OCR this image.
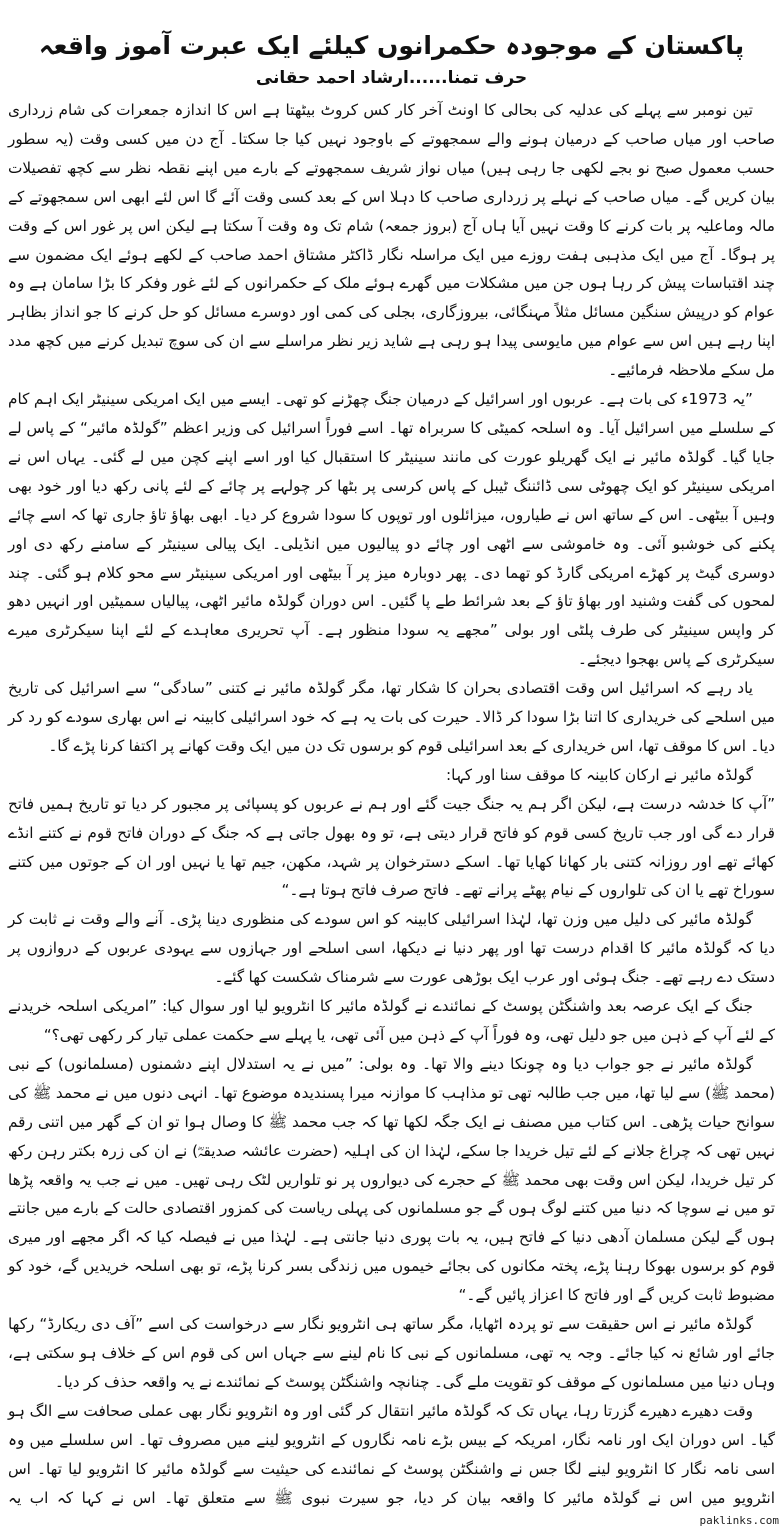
پاکستان کے موجودہ حکمرانوں کیلئے ایک عبرت آموز واقعہ
حرف تمنا......ارشاد احمد حقانی

تین نومبر سے پہلے کی عدلیہ کی بحالی کا اونٹ آخر کار کس کروٹ بیٹھتا ہے اس کا اندازہ جمعرات کی شام زرداری صاحب اور میاں صاحب کے درمیان ہونے والے سمجھوتے کے باوجود نہیں کیا جا سکتا۔ آج دن میں کسی وقت (یہ سطور حسب معمول صبح نو بجے لکھی جا رہی ہیں) میاں نواز شریف سمجھوتے کے بارے میں اپنے نقطہ نظر سے کچھ تفصیلات بیان کریں گے۔ میاں صاحب کے نہلے پر زرداری صاحب کا دہلا اس کے بعد کسی وقت آئے گا اس لئے ابھی اس سمجھوتے کے مالہ وماعلیہ پر بات کرنے کا وقت نہیں آیا ہاں آج (بروز جمعہ) شام تک وہ وقت آ سکتا ہے لیکن اس پر غور اس کے وقت پر ہوگا۔ آج میں ایک مذہبی ہفت روزے میں ایک مراسلہ نگار ڈاکٹر مشتاق احمد صاحب کے لکھے ہوئے ایک مضمون سے چند اقتباسات پیش کر رہا ہوں جن میں مشکلات میں گھرے ہوئے ملک کے حکمرانوں کے لئے غور وفکر کا بڑا سامان ہے وہ عوام کو درپیش سنگین مسائل مثلاً مہنگائی، بیروزگاری، بجلی کی کمی اور دوسرے مسائل کو حل کرنے کا جو انداز بظاہر اپنا رہے ہیں اس سے عوام میں مایوسی پیدا ہو رہی ہے شاید زیر نظر مراسلے سے ان کی سوچ تبدیل کرنے میں کچھ مدد مل سکے ملاحظہ فرمائیے۔

”یہ 1973ء کی بات ہے۔ عربوں اور اسرائیل کے درمیان جنگ چھڑنے کو تھی۔ ایسے میں ایک امریکی سینیٹر ایک اہم کام کے سلسلے میں اسرائیل آیا۔ وہ اسلحہ کمیٹی کا سربراہ تھا۔ اسے فوراً اسرائیل کی وزیر اعظم ”گولڈہ مائیر“ کے پاس لے جایا گیا۔ گولڈہ مائیر نے ایک گھریلو عورت کی مانند سینیٹر کا استقبال کیا اور اسے اپنے کچن میں لے گئی۔ یہاں اس نے امریکی سینیٹر کو ایک چھوٹی سی ڈائننگ ٹیبل کے پاس کرسی پر بٹھا کر چولہے پر چائے کے لئے پانی رکھ دیا اور خود بھی وہیں آ بیٹھی۔ اس کے ساتھ اس نے طیاروں، میزائلوں اور توپوں کا سودا شروع کر دیا۔ ابھی بھاؤ تاؤ جاری تھا کہ اسے چائے پکنے کی خوشبو آئی۔ وہ خاموشی سے اٹھی اور چائے دو پیالیوں میں انڈیلی۔ ایک پیالی سینیٹر کے سامنے رکھ دی اور دوسری گیٹ پر کھڑے امریکی گارڈ کو تھما دی۔ پھر دوبارہ میز پر آ بیٹھی اور امریکی سینیٹر سے محو کلام ہو گئی۔ چند لمحوں کی گفت وشنید اور بھاؤ تاؤ کے بعد شرائط طے پا گئیں۔ اس دوران گولڈہ مائیر اٹھی، پیالیاں سمیٹیں اور انہیں دھو کر واپس سینیٹر کی طرف پلٹی اور بولی ”مجھے یہ سودا منظور ہے۔ آپ تحریری معاہدے کے لئے اپنا سیکرٹری میرے سیکرٹری کے پاس بھجوا دیجئے۔

یاد رہے کہ اسرائیل اس وقت اقتصادی بحران کا شکار تھا، مگر گولڈہ مائیر نے کتنی ”سادگی“ سے اسرائیل کی تاریخ میں اسلحے کی خریداری کا اتنا بڑا سودا کر ڈالا۔ حیرت کی بات یہ ہے کہ خود اسرائیلی کابینہ نے اس بھاری سودے کو رد کر دیا۔ اس کا موقف تھا، اس خریداری کے بعد اسرائیلی قوم کو برسوں تک دن میں ایک وقت کھانے پر اکتفا کرنا پڑے گا۔

گولڈہ مائیر نے ارکان کابینہ کا موقف سنا اور کہا:

”آپ کا خدشہ درست ہے، لیکن اگر ہم یہ جنگ جیت گئے اور ہم نے عربوں کو پسپائی پر مجبور کر دیا تو تاریخ ہمیں فاتح قرار دے گی اور جب تاریخ کسی قوم کو فاتح قرار دیتی ہے، تو وہ بھول جاتی ہے کہ جنگ کے دوران فاتح قوم نے کتنے انڈے کھائے تھے اور روزانہ کتنی بار کھانا کھایا تھا۔ اسکے دسترخوان پر شہد، مکھن، جیم تھا یا نہیں اور ان کے جوتوں میں کتنے سوراخ تھے یا ان کی تلواروں کے نیام پھٹے پرانے تھے۔ فاتح صرف فاتح ہوتا ہے۔“

گولڈہ مائیر کی دلیل میں وزن تھا، لہٰذا اسرائیلی کابینہ کو اس سودے کی منظوری دینا پڑی۔ آنے والے وقت نے ثابت کر دیا کہ گولڈہ مائیر کا اقدام درست تھا اور پھر دنیا نے دیکھا، اسی اسلحے اور جہازوں سے یہودی عربوں کے دروازوں پر دستک دے رہے تھے۔ جنگ ہوئی اور عرب ایک بوڑھی عورت سے شرمناک شکست کھا گئے۔

جنگ کے ایک عرصہ بعد واشنگٹن پوسٹ کے نمائندے نے گولڈہ مائیر کا انٹرویو لیا اور سوال کیا: ”امریکی اسلحہ خریدنے کے لئے آپ کے ذہن میں جو دلیل تھی، وہ فوراً آپ کے ذہن میں آئی تھی، یا پہلے سے حکمت عملی تیار کر رکھی تھی؟“

گولڈہ مائیر نے جو جواب دیا وہ چونکا دینے والا تھا۔ وہ بولی: ”میں نے یہ استدلال اپنے دشمنوں (مسلمانوں) کے نبی (محمد ﷺ) سے لیا تھا، میں جب طالبہ تھی تو مذاہب کا موازنہ میرا پسندیدہ موضوع تھا۔ انہی دنوں میں نے محمد ﷺ کی سوانح حیات پڑھی۔ اس کتاب میں مصنف نے ایک جگہ لکھا تھا کہ جب محمد ﷺ کا وصال ہوا تو ان کے گھر میں اتنی رقم نہیں تھی کہ چراغ جلانے کے لئے تیل خریدا جا سکے، لہٰذا ان کی اہلیہ (حضرت عائشہ صدیقہؓ) نے ان کی زرہ بکتر رہن رکھ کر تیل خریدا، لیکن اس وقت بھی محمد ﷺ کے حجرے کی دیواروں پر نو تلواریں لٹک رہی تھیں۔ میں نے جب یہ واقعہ پڑھا تو میں نے سوچا کہ دنیا میں کتنے لوگ ہوں گے جو مسلمانوں کی پہلی ریاست کی کمزور اقتصادی حالت کے بارے میں جانتے ہوں گے لیکن مسلمان آدھی دنیا کے فاتح ہیں، یہ بات پوری دنیا جانتی ہے۔ لہٰذا میں نے فیصلہ کیا کہ اگر مجھے اور میری قوم کو برسوں بھوکا رہنا پڑے، پختہ مکانوں کی بجائے خیموں میں زندگی بسر کرنا پڑے، تو بھی اسلحہ خریدیں گے، خود کو مضبوط ثابت کریں گے اور فاتح کا اعزاز پائیں گے۔“

گولڈہ مائیر نے اس حقیقت سے تو پردہ اٹھایا، مگر ساتھ ہی انٹرویو نگار سے درخواست کی اسے ”آف دی ریکارڈ“ رکھا جائے اور شائع نہ کیا جائے۔ وجہ یہ تھی، مسلمانوں کے نبی کا نام لینے سے جہاں اس کی قوم اس کے خلاف ہو سکتی ہے، وہاں دنیا میں مسلمانوں کے موقف کو تقویت ملے گی۔ چنانچہ واشنگٹن پوسٹ کے نمائندے نے یہ واقعہ حذف کر دیا۔

وقت دھیرے دھیرے گزرتا رہا، یہاں تک کہ گولڈہ مائیر انتقال کر گئی اور وہ انٹرویو نگار بھی عملی صحافت سے الگ ہو گیا۔ اس دوران ایک اور نامہ نگار، امریکہ کے بیس بڑے نامہ نگاروں کے انٹرویو لینے میں مصروف تھا۔ اس سلسلے میں وہ اسی نامہ نگار کا انٹرویو لینے لگا جس نے واشنگٹن پوسٹ کے نمائندے کی حیثیت سے گولڈہ مائیر کا انٹرویو لیا تھا۔ اس انٹرویو میں اس نے گولڈہ مائیر کا واقعہ بیان کر دیا، جو سیرت نبوی ﷺ سے متعلق تھا۔ اس نے کہا کہ اب یہ

paklinks.com
